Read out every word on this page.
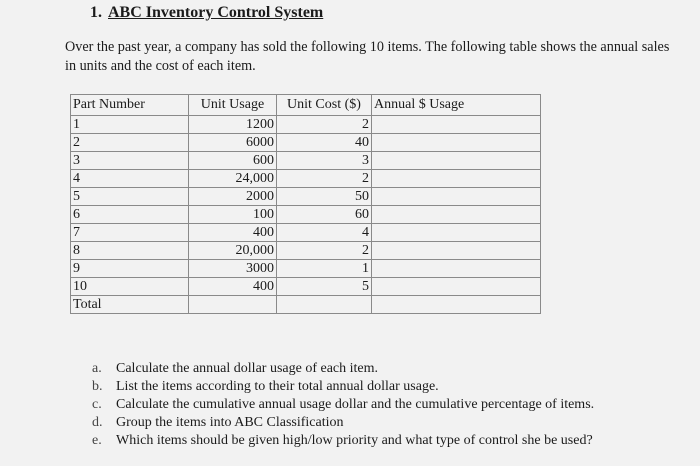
1. ABC Inventory Control System
Over the past year, a company has sold the following 10 items. The following table shows the annual sales in units and the cost of each item.
Part Number	Unit Usage	Unit Cost ($)	Annual $ Usage
1	1200	2	
2	6000	40	
3	600	3	
4	24,000	2	
5	2000	50	
6	100	60	
7	400	4	
8	20,000	2	
9	3000	1	
10	400	5	
Total			
a.	Calculate the annual dollar usage of each item.
b. List the items according to their total annual dollar usage.
c.	Calculate the cumulative annual usage dollar and the cumulative percentage of items.
d. Group the items into ABC Classification
e.	Which items should be given high/low priority and what type of control she be used?
